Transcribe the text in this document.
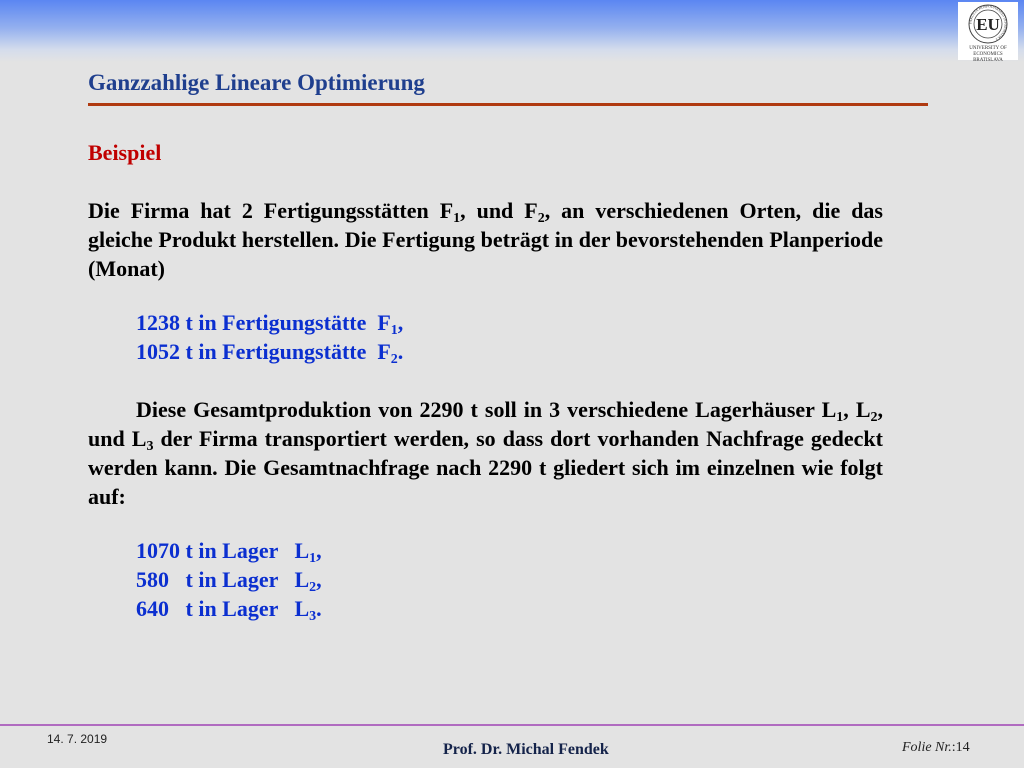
FAKULTA HOSPODÁRSKEJ INFORMATIKY
EU
UNIVERSITY OF ECONOMICS
BRATISLAVA
Ganzzahlige Lineare Optimierung
Beispiel
Die Firma hat 2 Fertigungsstätten $F_1$, und $F_2$, an verschiedenen Orten, die das gleiche Produkt herstellen. Die Fertigung beträgt in der bevorstehenden Planperiode (Monat)
1238 t in Fertigungstätte  $F_1$,
1052 t in Fertigungstätte  $F_2$.
Diese Gesamtproduktion von 2290 t soll in 3 verschiedene Lagerhäuser $L_1$, $L_2$, und $L_3$ der Firma transportiert werden, so dass dort vorhanden Nachfrage gedeckt werden kann. Die Gesamtnachfrage nach 2290 t gliedert sich im einzelnen wie folgt auf:
1070 t in Lager   $L_1$,
580   t in Lager   $L_2$,
640   t in Lager   $L_3$.
14. 7. 2019
Prof. Dr. Michal Fendek	Folie Nr.:14
